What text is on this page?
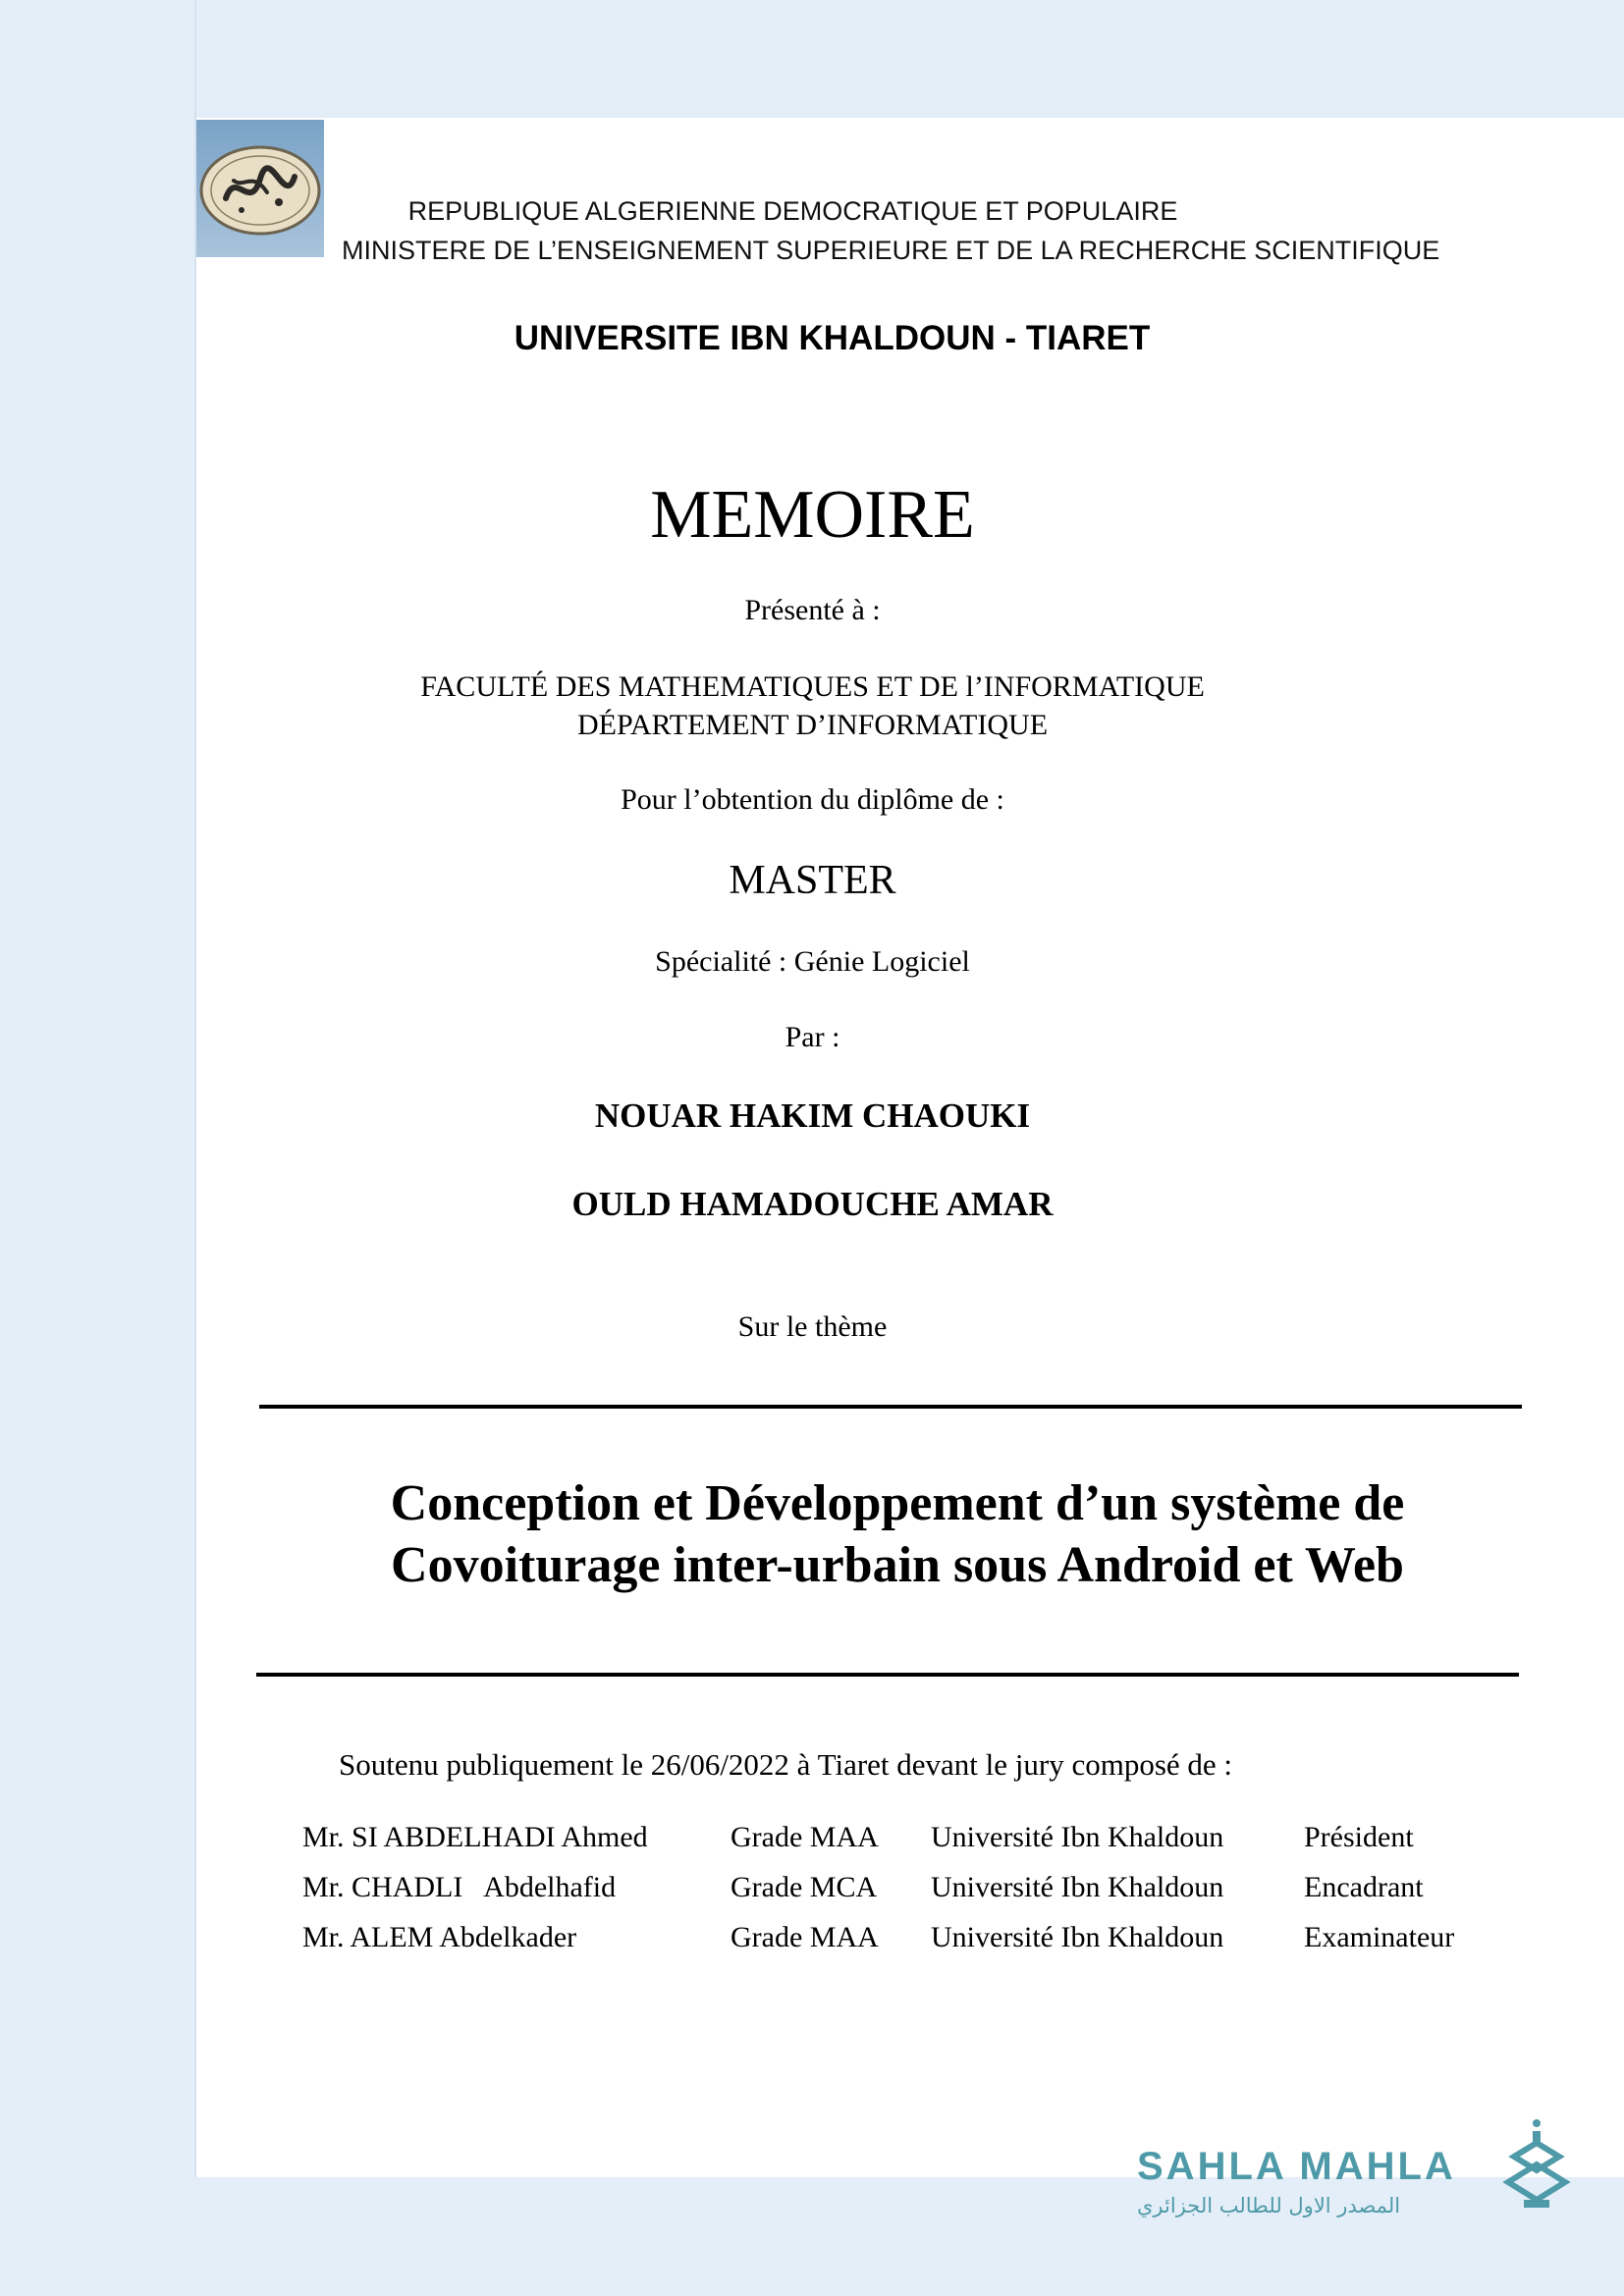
REPUBLIQUE ALGERIENNE DEMOCRATIQUE ET POPULAIRE
MINISTERE DE L’ENSEIGNEMENT SUPERIEURE ET DE LA RECHERCHE SCIENTIFIQUE
UNIVERSITE IBN KHALDOUN - TIARET
MEMOIRE
Présenté à :
FACULTÉ DES MATHEMATIQUES ET DE l’INFORMATIQUE
DÉPARTEMENT D’INFORMATIQUE
Pour l’obtention du diplôme de :
MASTER
Spécialité : Génie Logiciel
Par :
NOUAR HAKIM CHAOUKI
OULD HAMADOUCHE AMAR
Sur le thème
Conception et Développement d’un système de
Covoiturage inter-urbain sous Android et Web
Soutenu publiquement le 26/06/2022 à Tiaret devant le jury composé de :
Mr. SI ABDELHADI Ahmed	Grade MAA Université Ibn Khaldoun	Président
Mr. CHADLI   Abdelhafid	Grade MCA Université Ibn Khaldoun	Encadrant
Mr. ALEM Abdelkader	Grade MAA Université Ibn Khaldoun	Examinateur
SAHLA MAHLA
المصدر الاول للطالب الجزائري
